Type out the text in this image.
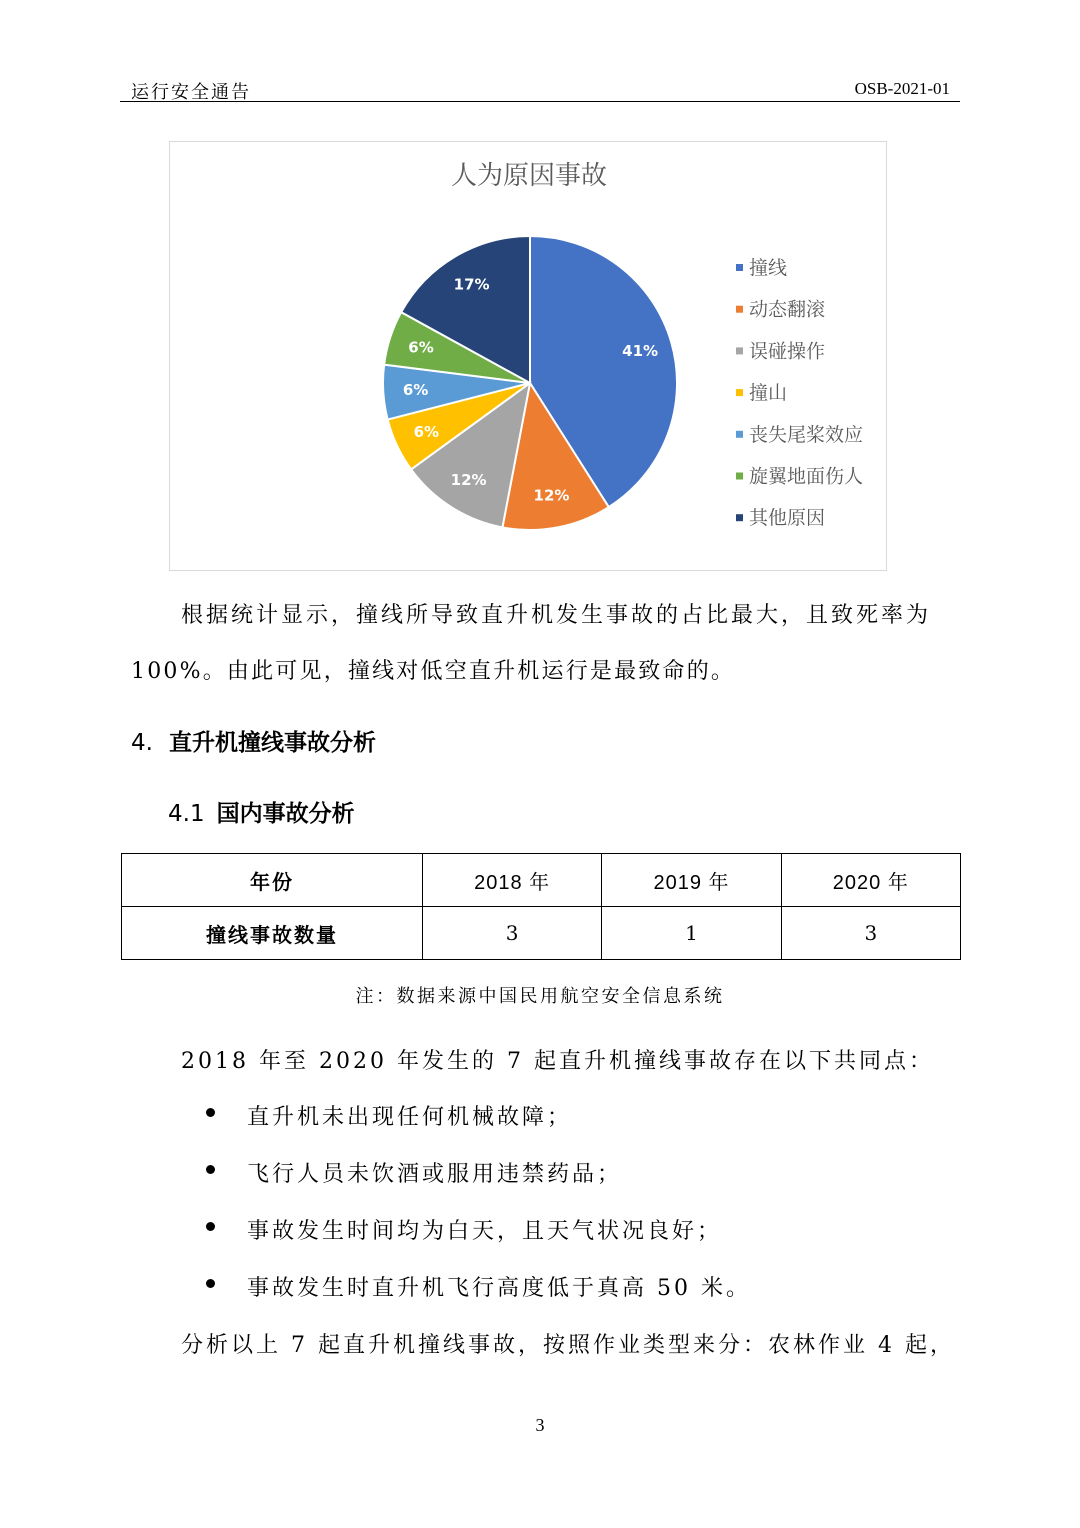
运行安全通告	OSB-2021-01
人为原因事故
41%
12%
12%
6%
6%
6%
17%
撞线
动态翻滚
误碰操作
撞山
丧失尾桨效应
旋翼地面伤人
其他原因
根据统计显示，撞线所导致直升机发生事故的占比最大，且致死率为
100%。由此可见，撞线对低空直升机运行是最致命的。
4. 直升机撞线事故分析
4.1 国内事故分析
年份	2018 年	2019 年	2020 年
撞线事故数量	3	1	3
注：数据来源中国民用航空安全信息系统
2018 年至 2020 年发生的 7 起直升机撞线事故存在以下共同点：
直升机未出现任何机械故障；
飞行人员未饮酒或服用违禁药品；
事故发生时间均为白天，且天气状况良好；
事故发生时直升机飞行高度低于真高 50 米。
分析以上 7 起直升机撞线事故，按照作业类型来分：农林作业 4 起，
3
